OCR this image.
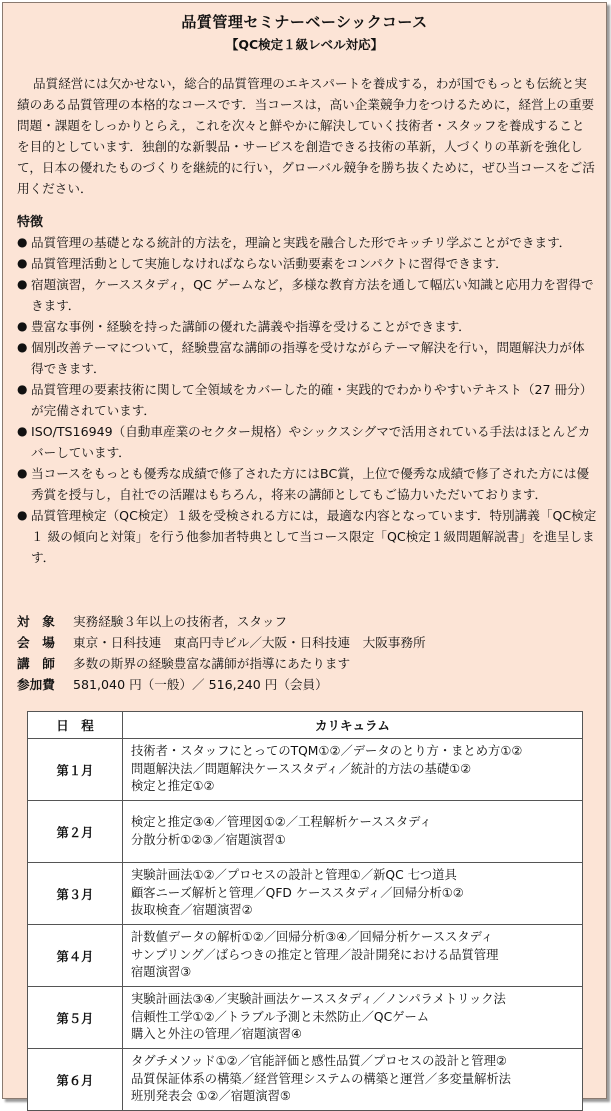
品質管理セミナーベーシックコース
【QC検定１級レベル対応】

品質経営には欠かせない，総合的品質管理のエキスパートを養成する，わが国でもっとも伝統と実績のある品質管理の本格的なコースです．当コースは，高い企業競争力をつけるために，経営上の重要問題・課題をしっかりとらえ，これを次々と鮮やかに解決していく技術者・スタッフを養成することを目的としています．独創的な新製品・サービスを創造できる技術の革新，人づくりの革新を強化して，日本の優れたものづくりを継続的に行い，グローバル競争を勝ち抜くために，ぜひ当コースをご活用ください．

特徴
● 品質管理の基礎となる統計的方法を，理論と実践を融合した形でキッチリ学ぶことができます．
● 品質管理活動として実施しなければならない活動要素をコンパクトに習得できます．
● 宿題演習，ケーススタディ，QC ゲームなど，多様な教育方法を通して幅広い知識と応用力を習得できます．
● 豊富な事例・経験を持った講師の優れた講義や指導を受けることができます．
● 個別改善テーマについて，経験豊富な講師の指導を受けながらテーマ解決を行い，問題解決力が体得できます．
● 品質管理の要素技術に関して全領域をカバーした的確・実践的でわかりやすいテキスト（27 冊分）が完備されています．
● ISO/TS16949（自動車産業のセクター規格）やシックスシグマで活用されている手法はほとんどカバーしています．
● 当コースをもっとも優秀な成績で修了された方にはBC賞，上位で優秀な成績で修了された方には優秀賞を授与し，自社での活躍はもちろん，将来の講師としてもご協力いただいております．
● 品質管理検定（QC検定）１級を受検される方には，最適な内容となっています．特別講義「QC検定１ 級の傾向と対策」を行う他参加者特典として当コース限定「QC検定１級問題解説書」を進呈します．
対　象	実務経験３年以上の技術者，スタッフ
会　場	東京・日科技連　東高円寺ビル／大阪・日科技連　大阪事務所
講　師	多数の斯界の経験豊富な講師が指導にあたります
参加費	581,040 円（一般）／ 516,240 円（会員）
日　程	カリキュラム
第１月	技術者・スタッフにとってのTQM①②／データのとり方・まとめ方①②
問題解決法／問題解決ケーススタディ／統計的方法の基礎①②
検定と推定①②

第２月	検定と推定③④／管理図①②／工程解析ケーススタディ
分散分析①②③／宿題演習①

第３月	実験計画法①②／プロセスの設計と管理①／新QC 七つ道具
顧客ニーズ解析と管理／QFD ケーススタディ／回帰分析①②
抜取検査／宿題演習②

第４月	計数値データの解析①②／回帰分析③④／回帰分析ケーススタディ
サンプリング／ばらつきの推定と管理／設計開発における品質管理
宿題演習③

第５月	実験計画法③④／実験計画法ケーススタディ／ノンパラメトリック法
信頼性工学①②／トラブル予測と未然防止／QCゲーム
購入と外注の管理／宿題演習④

第６月	タグチメソッド①②／官能評価と感性品質／プロセスの設計と管理②
品質保証体系の構築／経営管理システムの構築と運営／多変量解析法
班別発表会 ①②／宿題演習⑤
